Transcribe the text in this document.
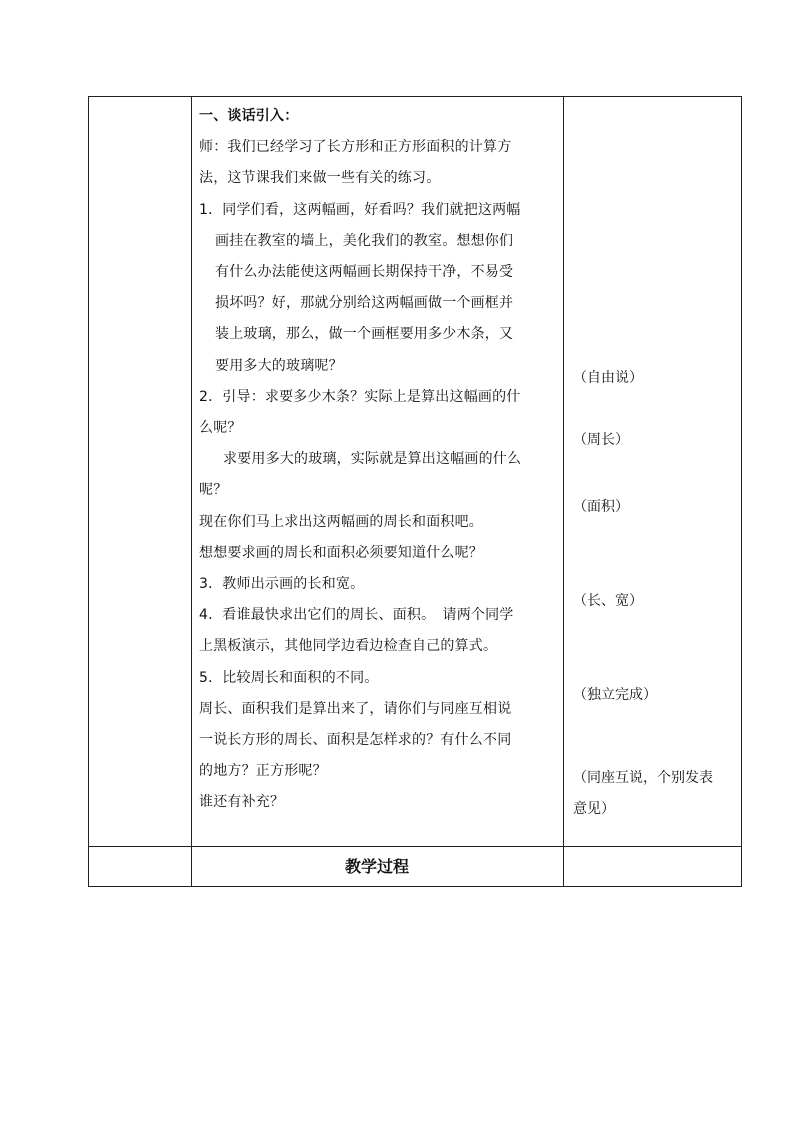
一、谈话引入：
师：我们已经学习了长方形和正方形面积的计算方
法，这节课我们来做一些有关的练习。
1．同学们看，这两幅画，好看吗？我们就把这两幅
画挂在教室的墙上，美化我们的教室。想想你们
有什么办法能使这两幅画长期保持干净，不易受
损坏吗？好，那就分别给这两幅画做一个画框并
装上玻璃，那么，做一个画框要用多少木条，又
要用多大的玻璃呢？
2．引导：求要多少木条？实际上是算出这幅画的什
么呢？
求要用多大的玻璃，实际就是算出这幅画的什么
呢？
现在你们马上求出这两幅画的周长和面积吧。
想想要求画的周长和面积必须要知道什么呢？
3．教师出示画的长和宽。
4．看谁最快求出它们的周长、面积。　请两个同学
上黑板演示，其他同学边看边检查自己的算式。
5．比较周长和面积的不同。
周长、面积我们是算出来了，请你们与同座互相说
一说长方形的周长、面积是怎样求的？有什么不同
的地方？正方形呢？
谁还有补充？
（自由说）
（周长）
（面积）
（长、宽）
（独立完成）
（同座互说，个别发表
意见）
教学过程
